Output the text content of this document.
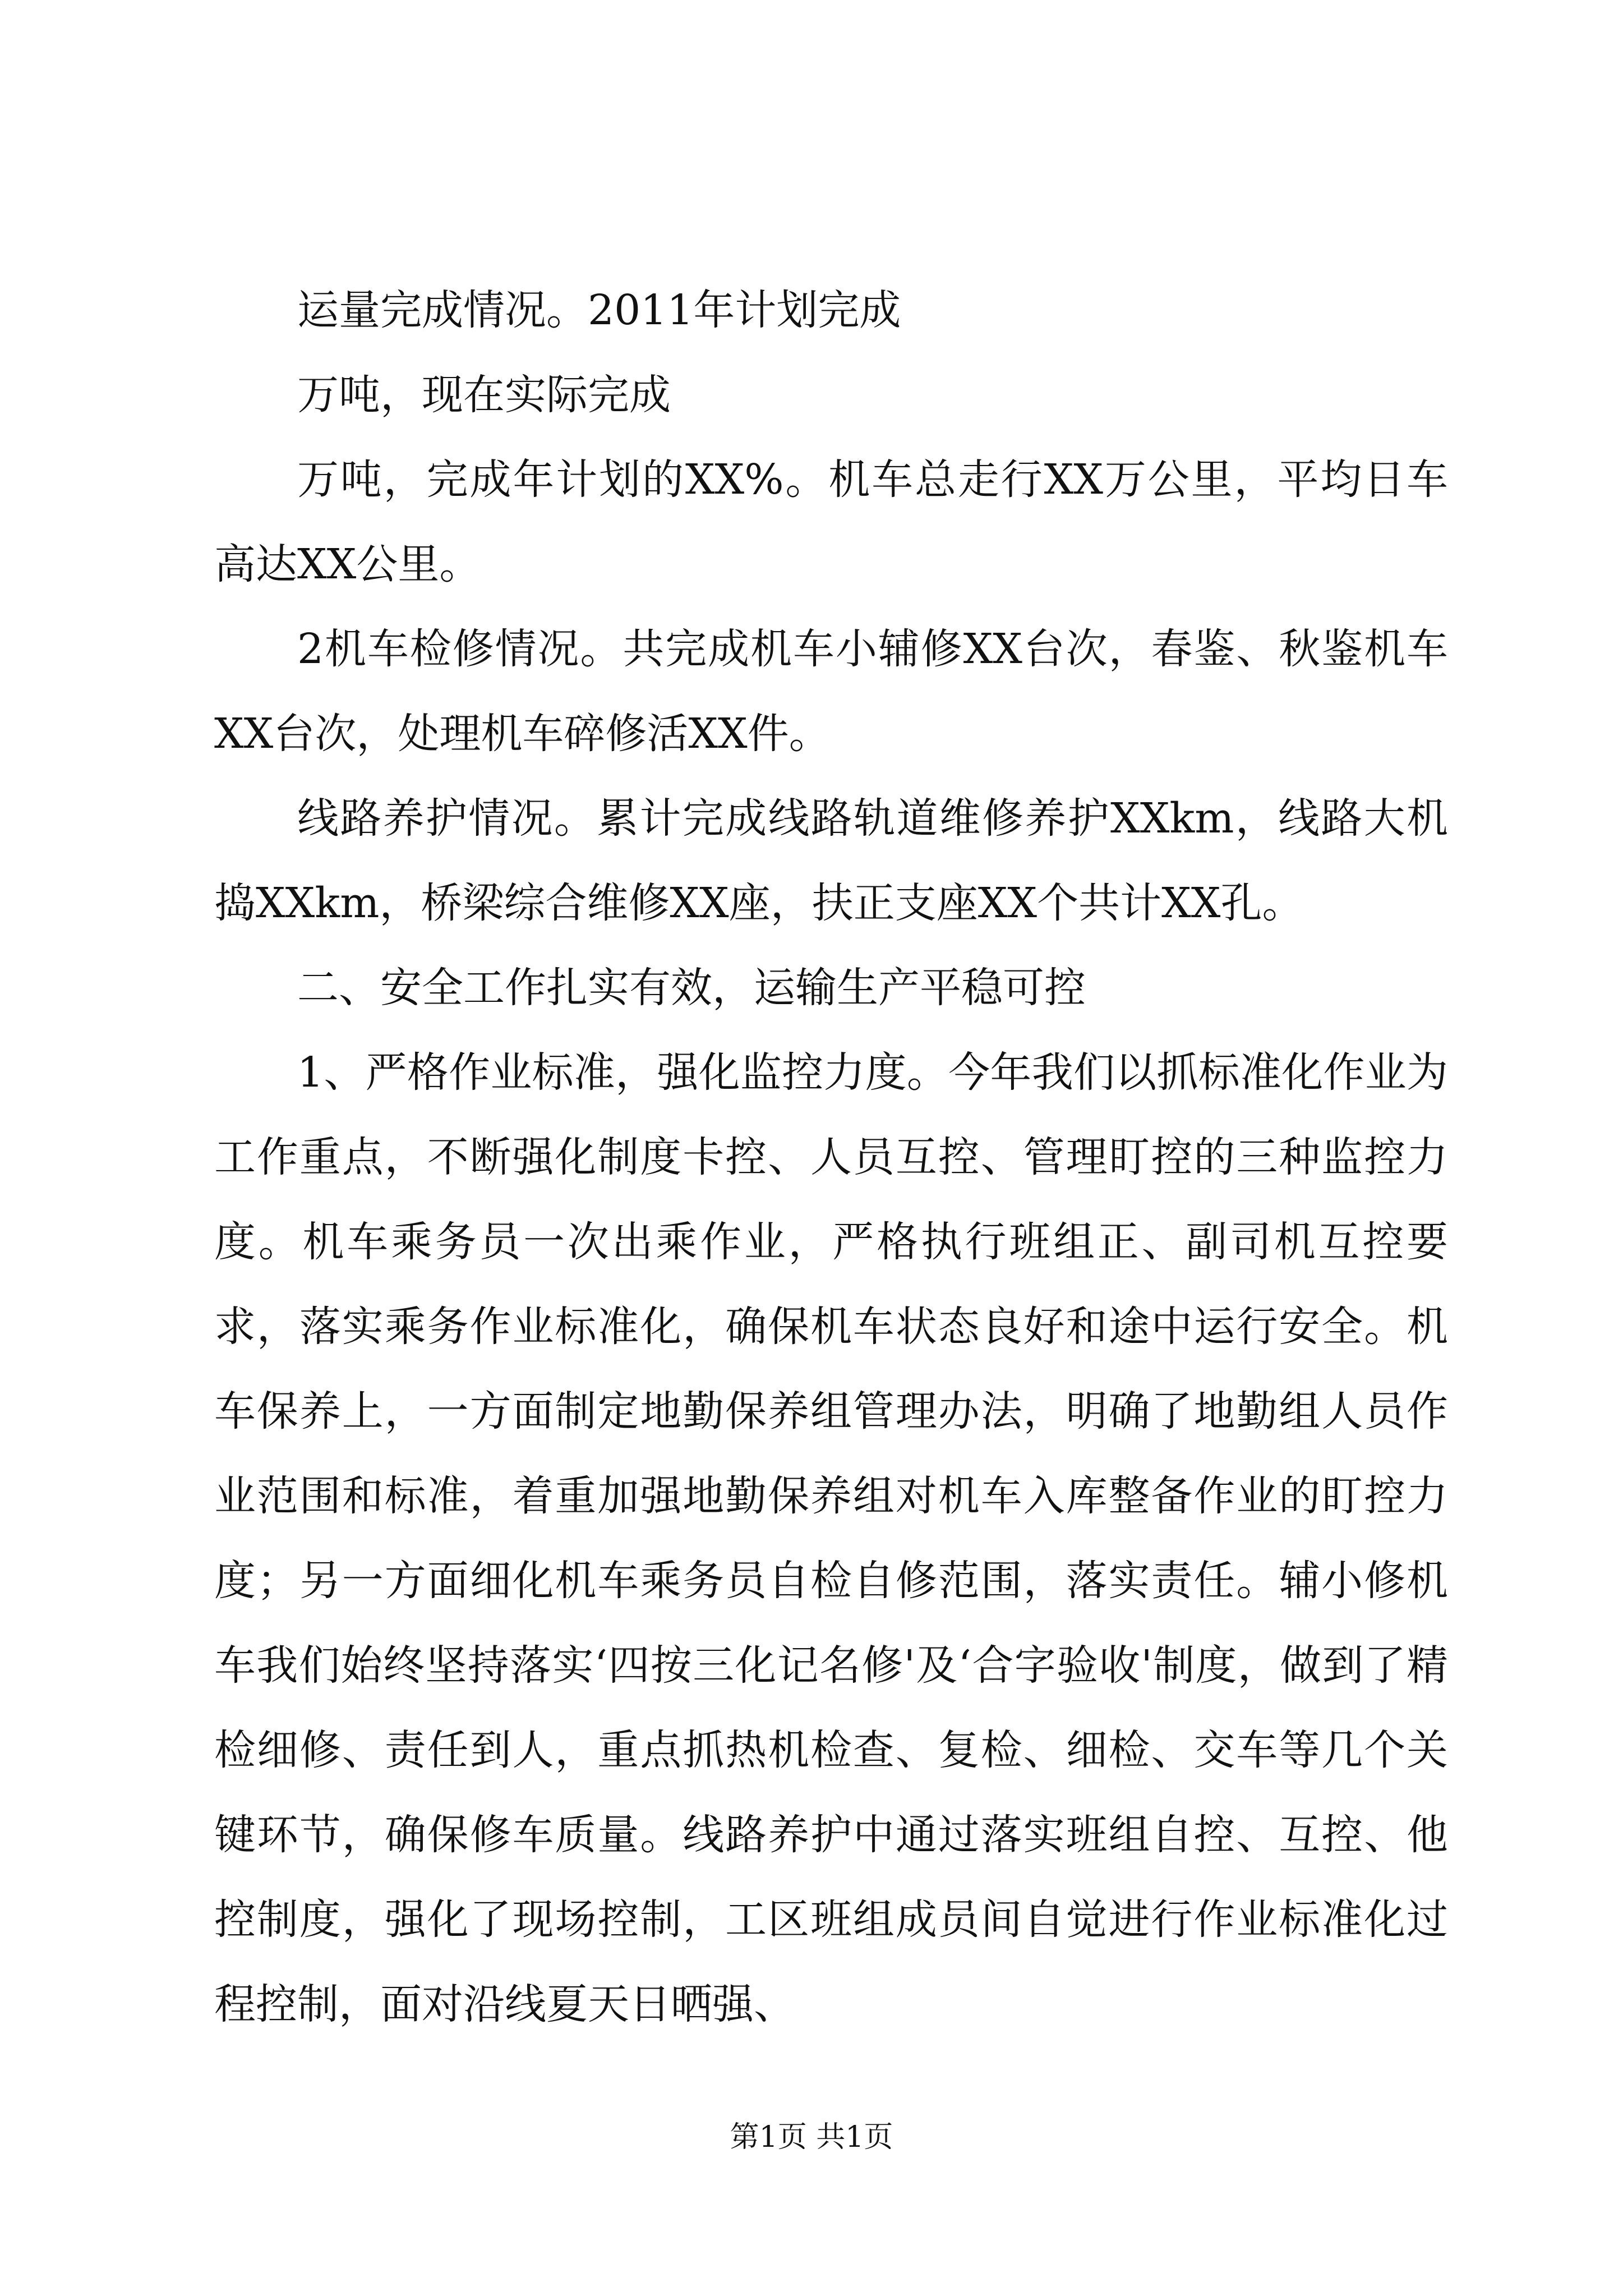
运量完成情况。2011年计划完成

万吨，现在实际完成

万吨，完成年计划的XX%。机车总走行XX万公里，平均日车高达XX公里。

2机车检修情况。共完成机车小辅修XX台次，春鉴、秋鉴机车XX台次，处理机车碎修活XX件。

线路养护情况。累计完成线路轨道维修养护XXkm，线路大机捣XXkm，桥梁综合维修XX座，扶正支座XX个共计XX孔。

二、安全工作扎实有效，运输生产平稳可控

1、严格作业标准，强化监控力度。今年我们以抓标准化作业为工作重点，不断强化制度卡控、人员互控、管理盯控的三种监控力度。机车乘务员一次出乘作业，严格执行班组正、副司机互控要求，落实乘务作业标准化，确保机车状态良好和途中运行安全。机车保养上，一方面制定地勤保养组管理办法，明确了地勤组人员作业范围和标准，着重加强地勤保养组对机车入库整备作业的盯控力度；另一方面细化机车乘务员自检自修范围，落实责任。辅小修机车我们始终坚持落实‘四按三化记名修'及‘合字验收'制度，做到了精检细修、责任到人，重点抓热机检查、复检、细检、交车等几个关键环节，确保修车质量。线路养护中通过落实班组自控、互控、他控制度，强化了现场控制，工区班组成员间自觉进行作业标准化过程控制，面对沿线夏天日晒强、

第1页 共1页
